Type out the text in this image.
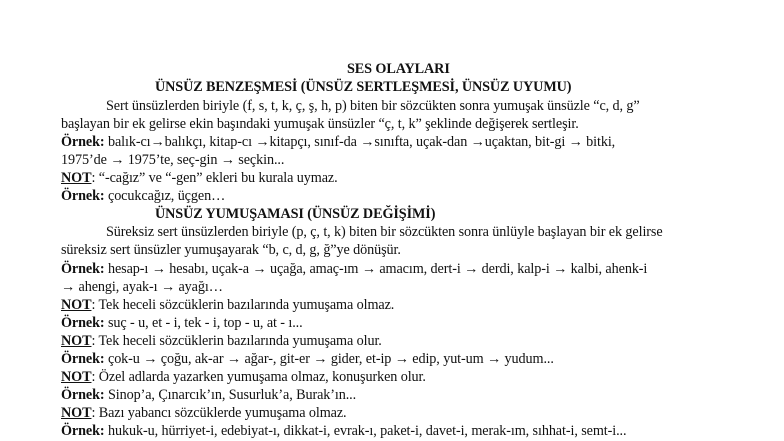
SES OLAYLARI
ÜNSÜZ BENZEŞMESİ (ÜNSÜZ SERTLEŞMESİ, ÜNSÜZ UYUMU)
Sert ünsüzlerden biriyle (f, s, t, k, ç, ş, h, p) biten bir sözcükten sonra yumuşak ünsüzle “c, d, g”
başlayan bir ek gelirse ekin başındaki yumuşak ünsüzler “ç, t, k” şeklinde değişerek sertleşir.
Örnek: balık-cı→balıkçı, kitap-cı →kitapçı, sınıf-da →sınıfta, uçak-dan →uçaktan, bit-gi → bitki,
1975’de → 1975’te, seç-gin → seçkin...
NOT: “-cağız” ve “-gen” ekleri bu kurala uymaz.
Örnek: çocukcağız, üçgen…
ÜNSÜZ YUMUŞAMASI (ÜNSÜZ DEĞİŞİMİ)
Süreksiz sert ünsüzlerden biriyle (p, ç, t, k) biten bir sözcükten sonra ünlüyle başlayan bir ek gelirse
süreksiz sert ünsüzler yumuşayarak “b, c, d, g, ğ”ye dönüşür.
Örnek: hesap-ı → hesabı, uçak-a → uçağa, amaç-ım → amacım, dert-i → derdi, kalp-i → kalbi, ahenk-i
→ ahengi, ayak-ı → ayağı…
NOT: Tek heceli sözcüklerin bazılarında yumuşama olmaz.
Örnek: suç - u, et - i, tek - i, top - u, at - ı...
NOT: Tek heceli sözcüklerin bazılarında yumuşama olur.
Örnek: çok-u → çoğu, ak-ar → ağar-, git-er → gider, et-ip → edip, yut-um → yudum...
NOT: Özel adlarda yazarken yumuşama olmaz, konuşurken olur.
Örnek: Sinop’a, Çınarcık’ın, Susurluk’a, Burak’ın...
NOT: Bazı yabancı sözcüklerde yumuşama olmaz.
Örnek: hukuk-u, hürriyet-i, edebiyat-ı, dikkat-i, evrak-ı, paket-i, davet-i, merak-ım, sıhhat-i, semt-i...
